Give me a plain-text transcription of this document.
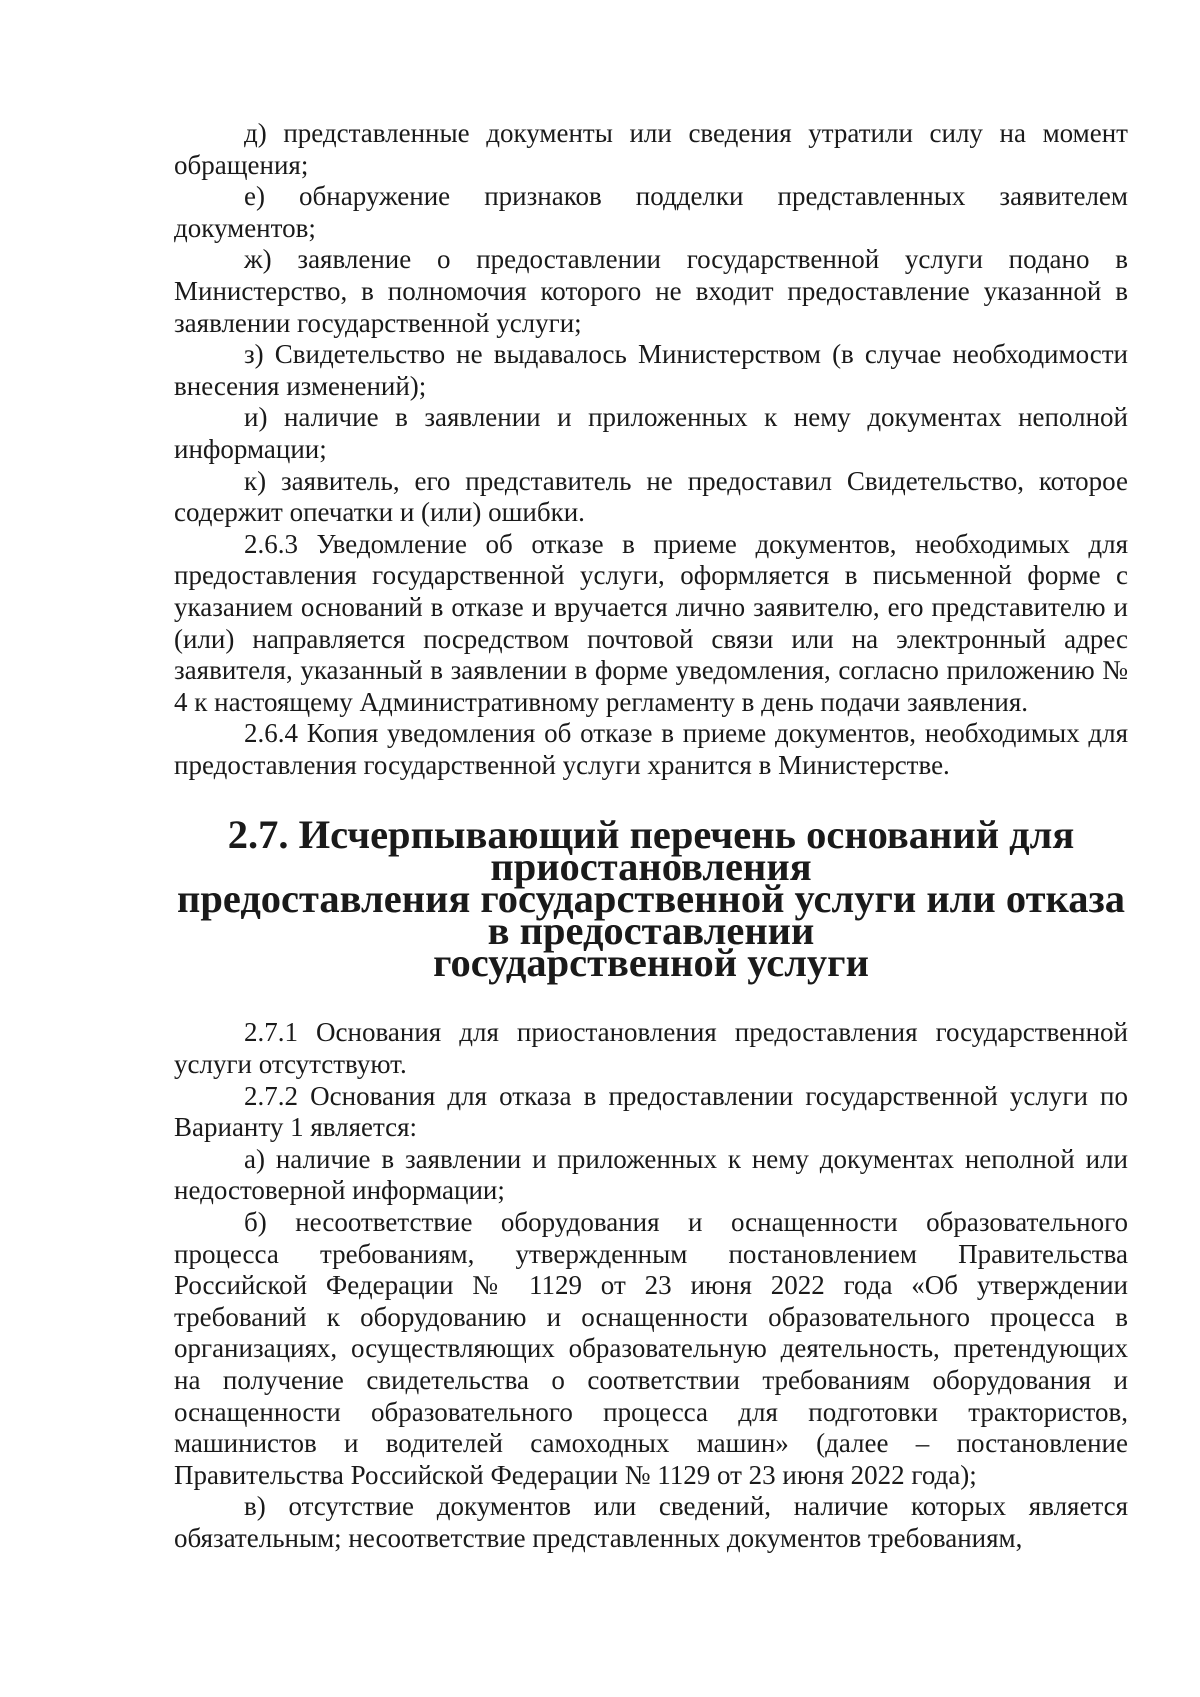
д) представленные документы или сведения утратили силу на момент обращения;

е) обнаружение признаков подделки представленных заявителем документов;

ж) заявление о предоставлении государственной услуги подано в Министерство, в полномочия которого не входит предоставление указанной в заявлении государственной услуги;

з) Свидетельство не выдавалось Министерством (в случае необходимости внесения изменений);

и) наличие в заявлении и приложенных к нему документах неполной информации;

к) заявитель, его представитель не предоставил Свидетельство, которое содержит опечатки и (или) ошибки.

2.6.3 Уведомление об отказе в приеме документов, необходимых для предоставления государственной услуги, оформляется в письменной форме с указанием оснований в отказе и вручается лично заявителю, его представителю и (или) направляется посредством почтовой связи или на электронный адрес заявителя, указанный в заявлении в форме уведомления, согласно приложению № 4 к настоящему Административному регламенту в день подачи заявления.

2.6.4 Копия уведомления об отказе в приеме документов, необходимых для предоставления государственной услуги хранится в Министерстве.

2.7. Исчерпывающий перечень оснований для приостановления
предоставления государственной услуги или отказа в предоставлении
государственной услуги

2.7.1 Основания для приостановления предоставления государственной услуги отсутствуют.

2.7.2 Основания для отказа в предоставлении государственной услуги по Варианту 1 является:

а) наличие в заявлении и приложенных к нему документах неполной или недостоверной информации;

б) несоответствие оборудования и оснащенности образовательного процесса требованиям, утвержденным постановлением Правительства Российской Федерации № 1129 от 23 июня 2022 года «Об утверждении требований к оборудованию и оснащенности образовательного процесса в организациях, осуществляющих образовательную деятельность, претендующих на получение свидетельства о соответствии требованиям оборудования и оснащенности образовательного процесса для подготовки трактористов, машинистов и водителей самоходных машин» (далее – постановление Правительства Российской Федерации № 1129 от 23 июня 2022 года);

в) отсутствие документов или сведений, наличие которых является обязательным; несоответствие представленных документов требованиям,
